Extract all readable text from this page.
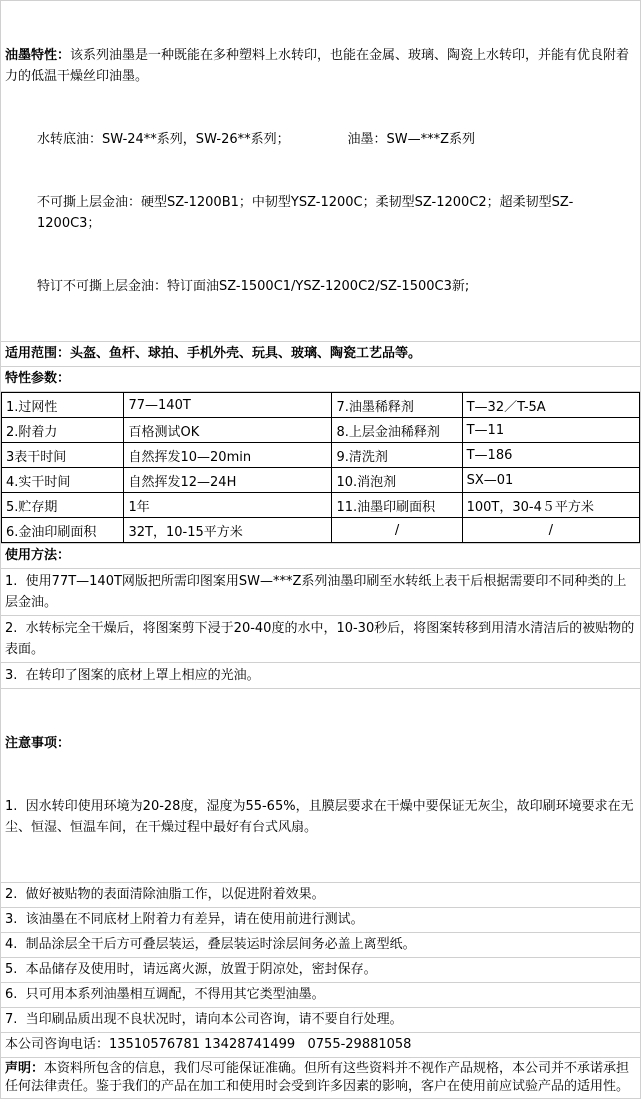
油墨特性：该系列油墨是一种既能在多种塑料上水转印，也能在金属、玻璃、陶瓷上水转印，并能有优良附着力的低温干燥丝印油墨。

水转底油：SW-24**系列，SW-26**系列；              油墨：SW—***Z系列

不可撕上层金油：硬型SZ-1200B1；中韧型YSZ-1200C；柔韧型SZ-1200C2；超柔韧型SZ-1200C3；

特订不可撕上层金油：特订面油SZ-1500C1/YSZ-1200C2/SZ-1500C3新;

适用范围：头盔、鱼杆、球拍、手机外壳、玩具、玻璃、陶瓷工艺品等。
特性参数：
1.过网性	77—140T	7.油墨稀释剂	T—32／T-5A
2.附着力	百格测试OK	8.上层金油稀释剂	T—11
3表干时间	自然挥发10—20min	9.清洗剂	T—186
4.实干时间	自然挥发12—24H	10.消泡剂	SX—01
5.贮存期	1年	11.油墨印刷面积	100T，30-4５平方米
6.金油印刷面积	32T，10-15平方米	/	/
使用方法：
1.  使用77T—140T网版把所需印图案用SW—***Z系列油墨印刷至水转纸上表干后根据需要印不同种类的上层金油。
2.  水转标完全干燥后，将图案剪下浸于20-40度的水中，10-30秒后，将图案转移到用清水清洁后的被贴物的表面。
3.  在转印了图案的底材上罩上相应的光油。

注意事项：

1.  因水转印使用环境为20-28度，湿度为55-65%，且膜层要求在干燥中要保证无灰尘，故印刷环境要求在无尘、恒湿、恒温车间，在干燥过程中最好有台式风扇。

2.  做好被贴物的表面清除油脂工作，以促进附着效果。
3.  该油墨在不同底材上附着力有差异，请在使用前进行测试。
4.  制品涂层全干后方可叠层装运，叠层装运时涂层间务必盖上离型纸。
5.  本品储存及使用时，请远离火源，放置于阴凉处，密封保存。
6.  只可用本系列油墨相互调配，不得用其它类型油墨。
7.  当印刷品质出现不良状况时，请向本公司咨询，请不要自行处理。
本公司咨询电话：13510576781 13428741499   0755-29881058
声明：本资料所包含的信息，我们尽可能保证准确。但所有这些资料并不视作产品规格，本公司并不承诺承担任何法律责任。鉴于我们的产品在加工和使用时会受到许多因素的影响，客户在使用前应试验产品的适用性。
